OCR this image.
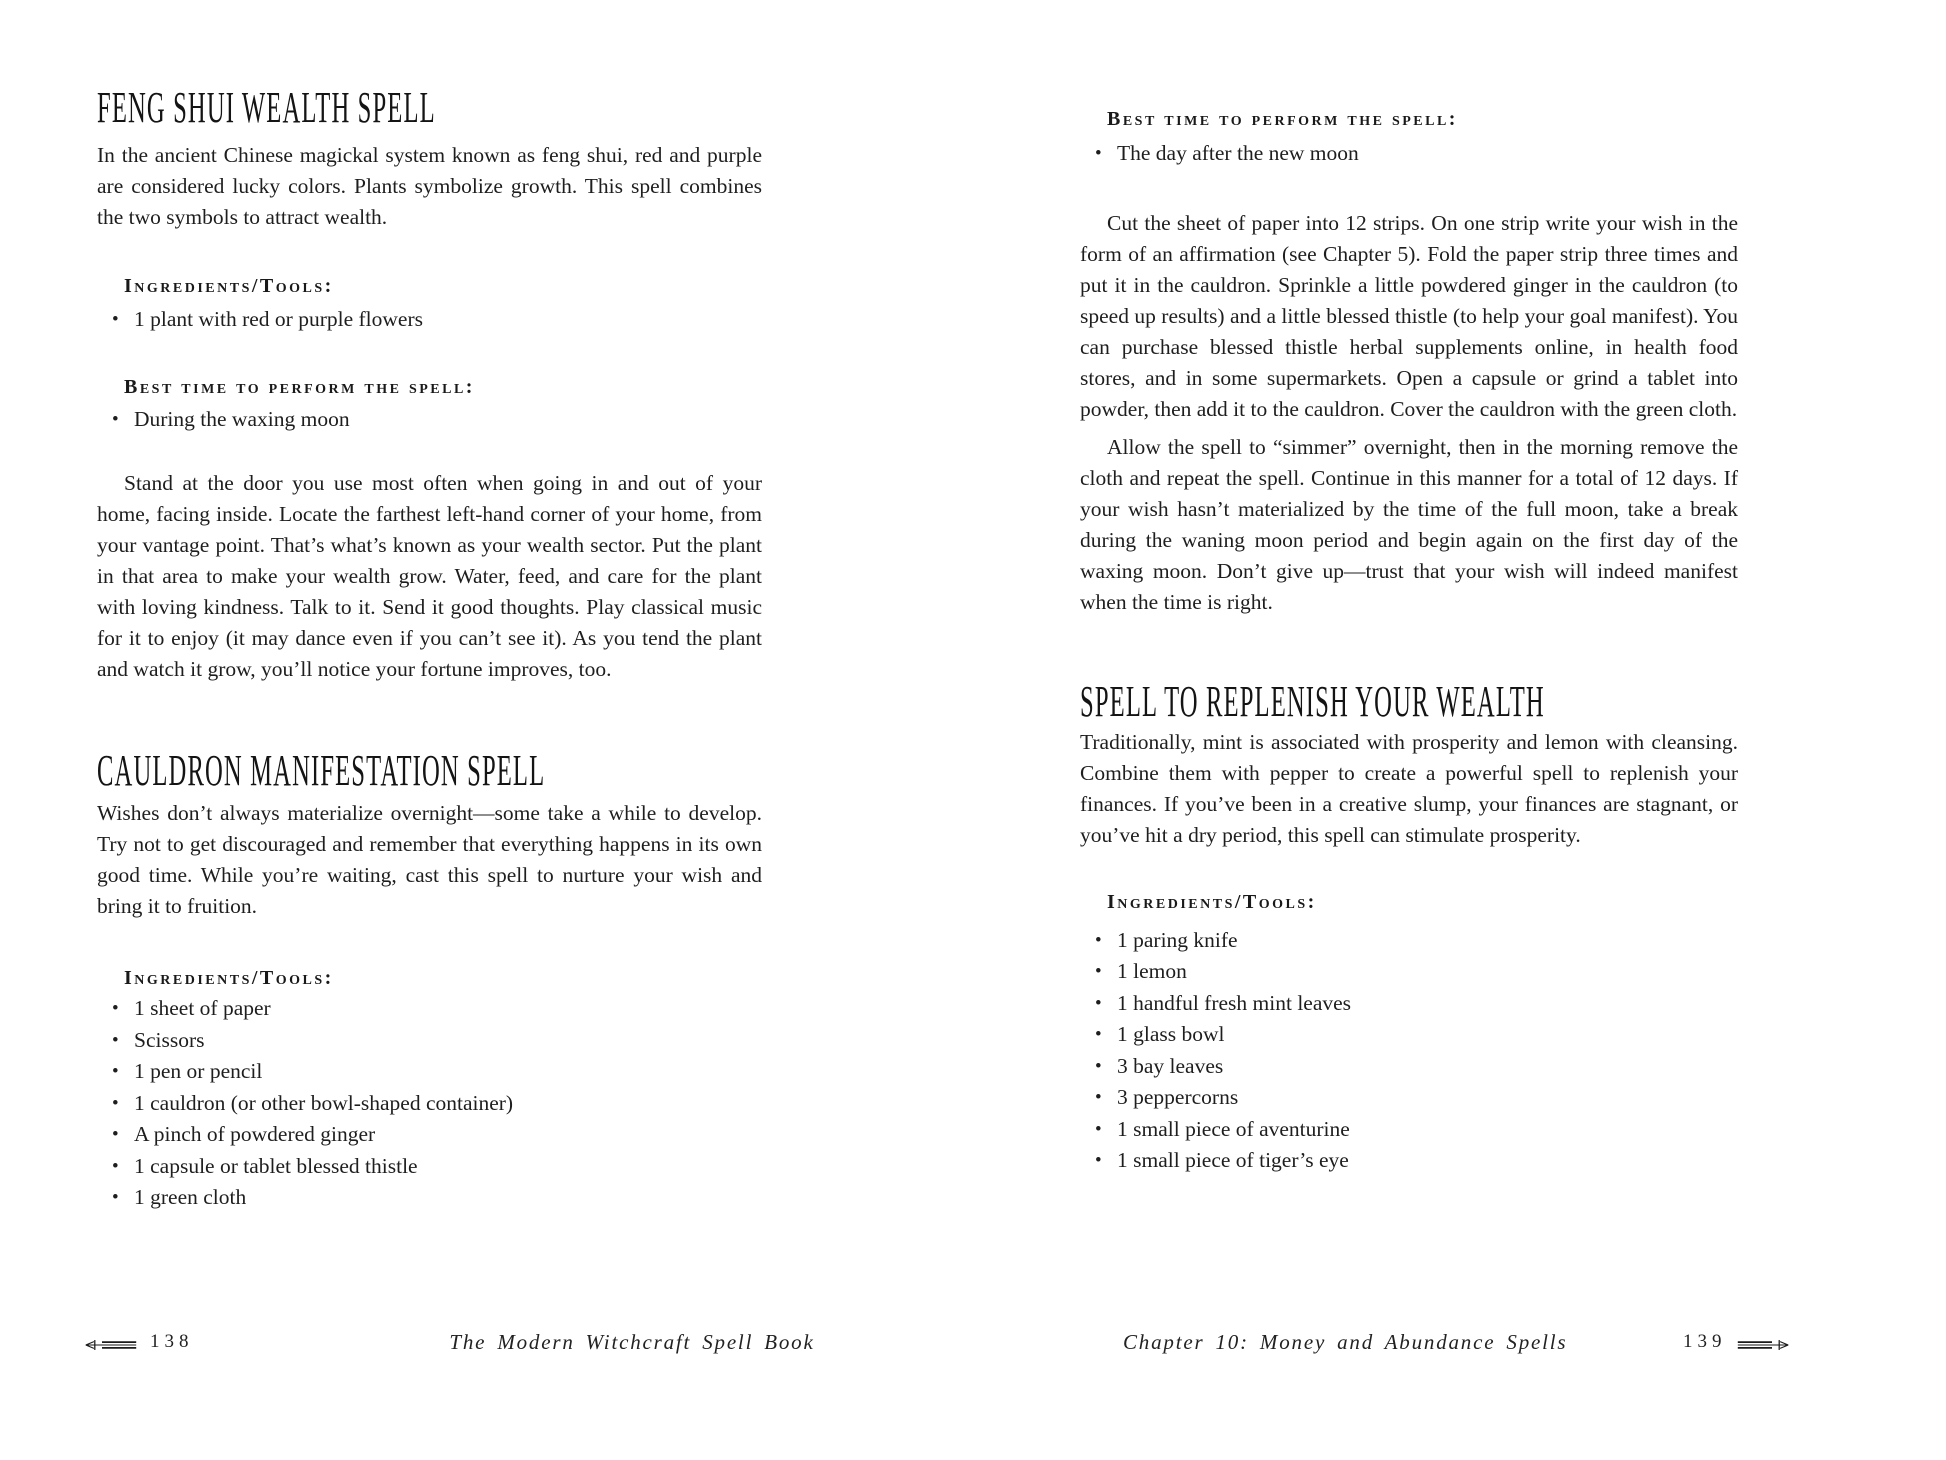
FENG SHUI WEALTH SPELL

In the ancient Chinese magickal system known as feng shui, red and purple are considered lucky colors. Plants symbolize growth. This spell combines the two symbols to attract wealth.

Ingredients/Tools:
• 1 plant with red or purple flowers
Best time to perform the spell:
• During the waxing moon

Stand at the door you use most often when going in and out of your home, facing inside. Locate the farthest left-hand corner of your home, from your vantage point. That’s what’s known as your wealth sector. Put the plant in that area to make your wealth grow. Water, feed, and care for the plant with loving kindness. Talk to it. Send it good thoughts. Play classical music for it to enjoy (it may dance even if you can’t see it). As you tend the plant and watch it grow, you’ll notice your fortune improves, too.

CAULDRON MANIFESTATION SPELL

Wishes don’t always materialize overnight—some take a while to develop. Try not to get discouraged and remember that everything happens in its own good time. While you’re waiting, cast this spell to nurture your wish and bring it to fruition.

Ingredients/Tools:
• 1 sheet of paper
• Scissors
• 1 pen or pencil
• 1 cauldron (or other bowl-shaped container)
• A pinch of powdered ginger
• 1 capsule or tablet blessed thistle
• 1 green cloth
Best time to perform the spell:
• The day after the new moon

Cut the sheet of paper into 12 strips. On one strip write your wish in the form of an affirmation (see Chapter 5). Fold the paper strip three times and put it in the cauldron. Sprinkle a little powdered ginger in the cauldron (to speed up results) and a little blessed thistle (to help your goal manifest). You can purchase blessed thistle herbal supplements online, in health food stores, and in some supermarkets. Open a capsule or grind a tablet into powder, then add it to the cauldron. Cover the cauldron with the green cloth.

Allow the spell to “simmer” overnight, then in the morning remove the cloth and repeat the spell. Continue in this manner for a total of 12 days. If your wish hasn’t materialized by the time of the full moon, take a break during the waning moon period and begin again on the first day of the waxing moon. Don’t give up—trust that your wish will indeed manifest when the time is right.

SPELL TO REPLENISH YOUR WEALTH

Traditionally, mint is associated with prosperity and lemon with cleansing. Combine them with pepper to create a powerful spell to replenish your finances. If you’ve been in a creative slump, your finances are stagnant, or you’ve hit a dry period, this spell can stimulate prosperity.

Ingredients/Tools:
• 1 paring knife
• 1 lemon
• 1 handful fresh mint leaves
• 1 glass bowl
• 3 bay leaves
• 3 peppercorns
• 1 small piece of aventurine
• 1 small piece of tiger’s eye
138	The Modern Witchcraft Spell Book	Chapter 10: Money and Abundance Spells	139
